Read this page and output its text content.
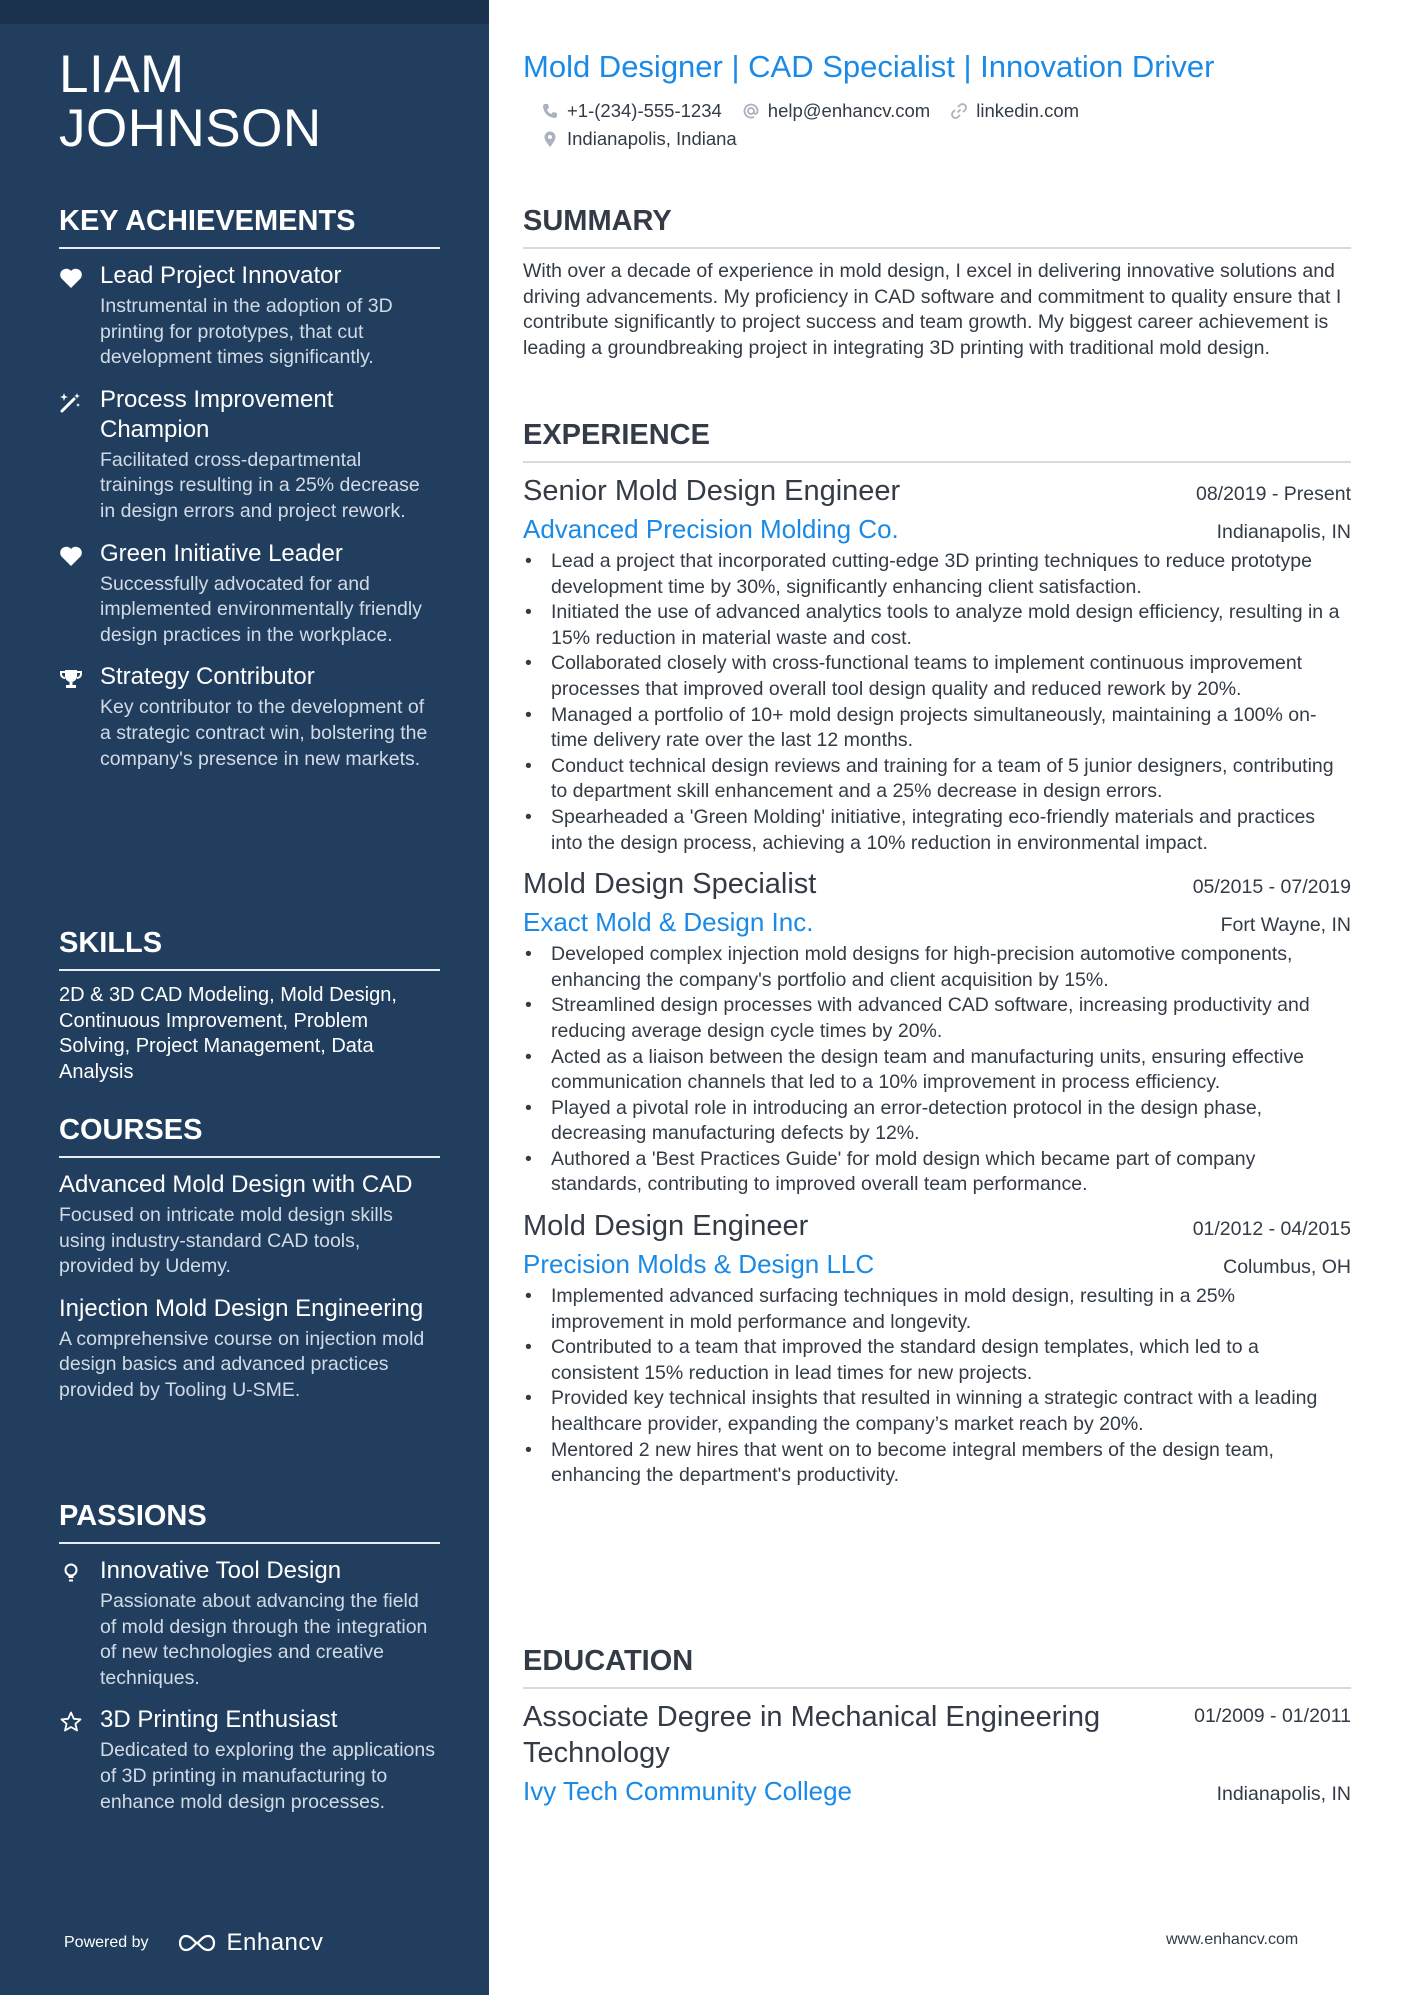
LIAM JOHNSON
KEY ACHIEVEMENTS
Lead Project Innovator
Instrumental in the adoption of 3D printing for prototypes, that cut development times significantly.
Process Improvement Champion
Facilitated cross-departmental trainings resulting in a 25% decrease in design errors and project rework.
Green Initiative Leader
Successfully advocated for and implemented environmentally friendly design practices in the workplace.
Strategy Contributor
Key contributor to the development of a strategic contract win, bolstering the company's presence in new markets.
SKILLS
2D & 3D CAD Modeling, Mold Design, Continuous Improvement, Problem Solving, Project Management, Data Analysis
COURSES
Advanced Mold Design with CAD
Focused on intricate mold design skills using industry-standard CAD tools, provided by Udemy.
Injection Mold Design Engineering
A comprehensive course on injection mold design basics and advanced practices provided by Tooling U-SME.
PASSIONS
Innovative Tool Design
Passionate about advancing the field of mold design through the integration of new technologies and creative techniques.
3D Printing Enthusiast
Dedicated to exploring the applications of 3D printing in manufacturing to enhance mold design processes.
Powered by	Enhancv
Mold Designer | CAD Specialist | Innovation Driver
+1-(234)-555-1234 help@enhancv.com linkedin.com
Indianapolis, Indiana
SUMMARY

With over a decade of experience in mold design, I excel in delivering innovative solutions and driving advancements. My proficiency in CAD software and commitment to quality ensure that I contribute significantly to project success and team growth. My biggest career achievement is leading a groundbreaking project in integrating 3D printing with traditional mold design.

EXPERIENCE
Senior Mold Design Engineer	08/2019 - Present
Advanced Precision Molding Co.	Indianapolis, IN
• Lead a project that incorporated cutting-edge 3D printing techniques to reduce prototype development time by 30%, significantly enhancing client satisfaction.
• Initiated the use of advanced analytics tools to analyze mold design efficiency, resulting in a 15% reduction in material waste and cost.
• Collaborated closely with cross-functional teams to implement continuous improvement processes that improved overall tool design quality and reduced rework by 20%.
• Managed a portfolio of 10+ mold design projects simultaneously, maintaining a 100% on-time delivery rate over the last 12 months.
• Conduct technical design reviews and training for a team of 5 junior designers, contributing to department skill enhancement and a 25% decrease in design errors.
• Spearheaded a 'Green Molding' initiative, integrating eco-friendly materials and practices into the design process, achieving a 10% reduction in environmental impact.
Mold Design Specialist	05/2015 - 07/2019
Exact Mold & Design Inc.	Fort Wayne, IN
• Developed complex injection mold designs for high-precision automotive components, enhancing the company's portfolio and client acquisition by 15%.
• Streamlined design processes with advanced CAD software, increasing productivity and reducing average design cycle times by 20%.
• Acted as a liaison between the design team and manufacturing units, ensuring effective communication channels that led to a 10% improvement in process efficiency.
• Played a pivotal role in introducing an error-detection protocol in the design phase, decreasing manufacturing defects by 12%.
• Authored a 'Best Practices Guide' for mold design which became part of company standards, contributing to improved overall team performance.
Mold Design Engineer	01/2012 - 04/2015
Precision Molds & Design LLC	Columbus, OH
• Implemented advanced surfacing techniques in mold design, resulting in a 25% improvement in mold performance and longevity.
• Contributed to a team that improved the standard design templates, which led to a consistent 15% reduction in lead times for new projects.
• Provided key technical insights that resulted in winning a strategic contract with a leading healthcare provider, expanding the company’s market reach by 20%.
• Mentored 2 new hires that went on to become integral members of the design team, enhancing the department's productivity.
EDUCATION
Associate Degree in Mechanical Engineering Technology
01/2009 - 01/2011
Ivy Tech Community College	Indianapolis, IN
www.enhancv.com
